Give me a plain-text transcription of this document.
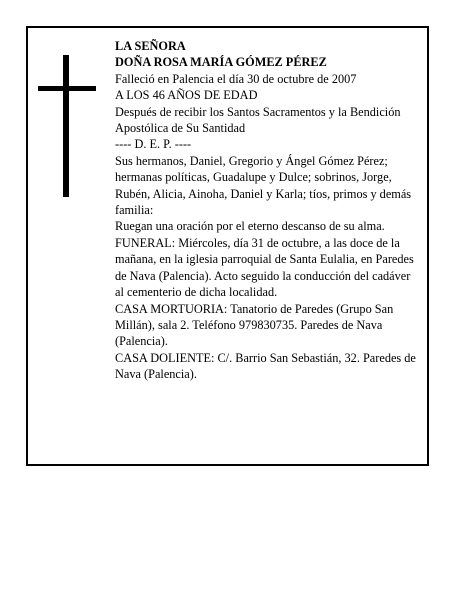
LA SEÑORA

DOÑA ROSA MARÍA GÓMEZ PÉREZ

Falleció en Palencia el día 30 de octubre de 2007

A LOS 46 AÑOS DE EDAD

Después de recibir los Santos Sacramentos y la Bendición Apostólica de Su Santidad

---- D. E. P. ----

Sus hermanos, Daniel, Gregorio y Ángel Gómez Pérez; hermanas políticas, Guadalupe y Dulce; sobrinos, Jorge, Rubén, Alicia, Ainoha, Daniel y Karla; tíos, primos y demás familia:

Ruegan una oración por el eterno descanso de su alma.

FUNERAL: Miércoles, día 31 de octubre, a las doce de la mañana, en la iglesia parroquial de Santa Eulalia, en Paredes de Nava (Palencia). Acto seguido la conducción del cadáver al cementerio de dicha localidad.

CASA MORTUORIA: Tanatorio de Paredes (Grupo San Millán), sala 2. Teléfono 979830735. Paredes de Nava (Palencia).

CASA DOLIENTE: C/. Barrio San Sebastián, 32. Paredes de Nava (Palencia).
